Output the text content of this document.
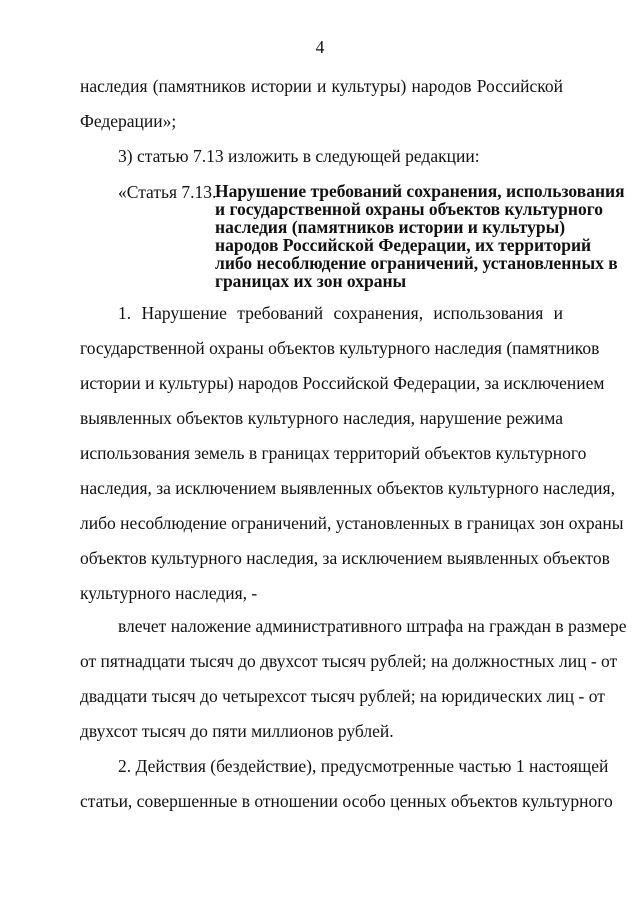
4
наследия (памятников истории и культуры) народов Российской
Федерации»;
3) статью 7.13 изложить в следующей редакции:
«Статья 7.13.
Нарушение требований сохранения, использования
и государственной охраны объектов культурного
наследия (памятников истории и культуры)
народов Российской Федерации, их территорий
либо несоблюдение ограничений, установленных в
границах их зон охраны
1. Нарушение требований сохранения, использования и
государственной охраны объектов культурного наследия (памятников
истории и культуры) народов Российской Федерации, за исключением
выявленных объектов культурного наследия, нарушение режима
использования земель в границах территорий объектов культурного
наследия, за исключением выявленных объектов культурного наследия,
либо несоблюдение ограничений, установленных в границах зон охраны
объектов культурного наследия, за исключением выявленных объектов
культурного наследия, -
влечет наложение административного штрафа на граждан в размере
от пятнадцати тысяч до двухсот тысяч рублей; на должностных лиц - от
двадцати тысяч до четырехсот тысяч рублей; на юридических лиц - от
двухсот тысяч до пяти миллионов рублей.
2. Действия (бездействие), предусмотренные частью 1 настоящей
статьи, совершенные в отношении особо ценных объектов культурного
